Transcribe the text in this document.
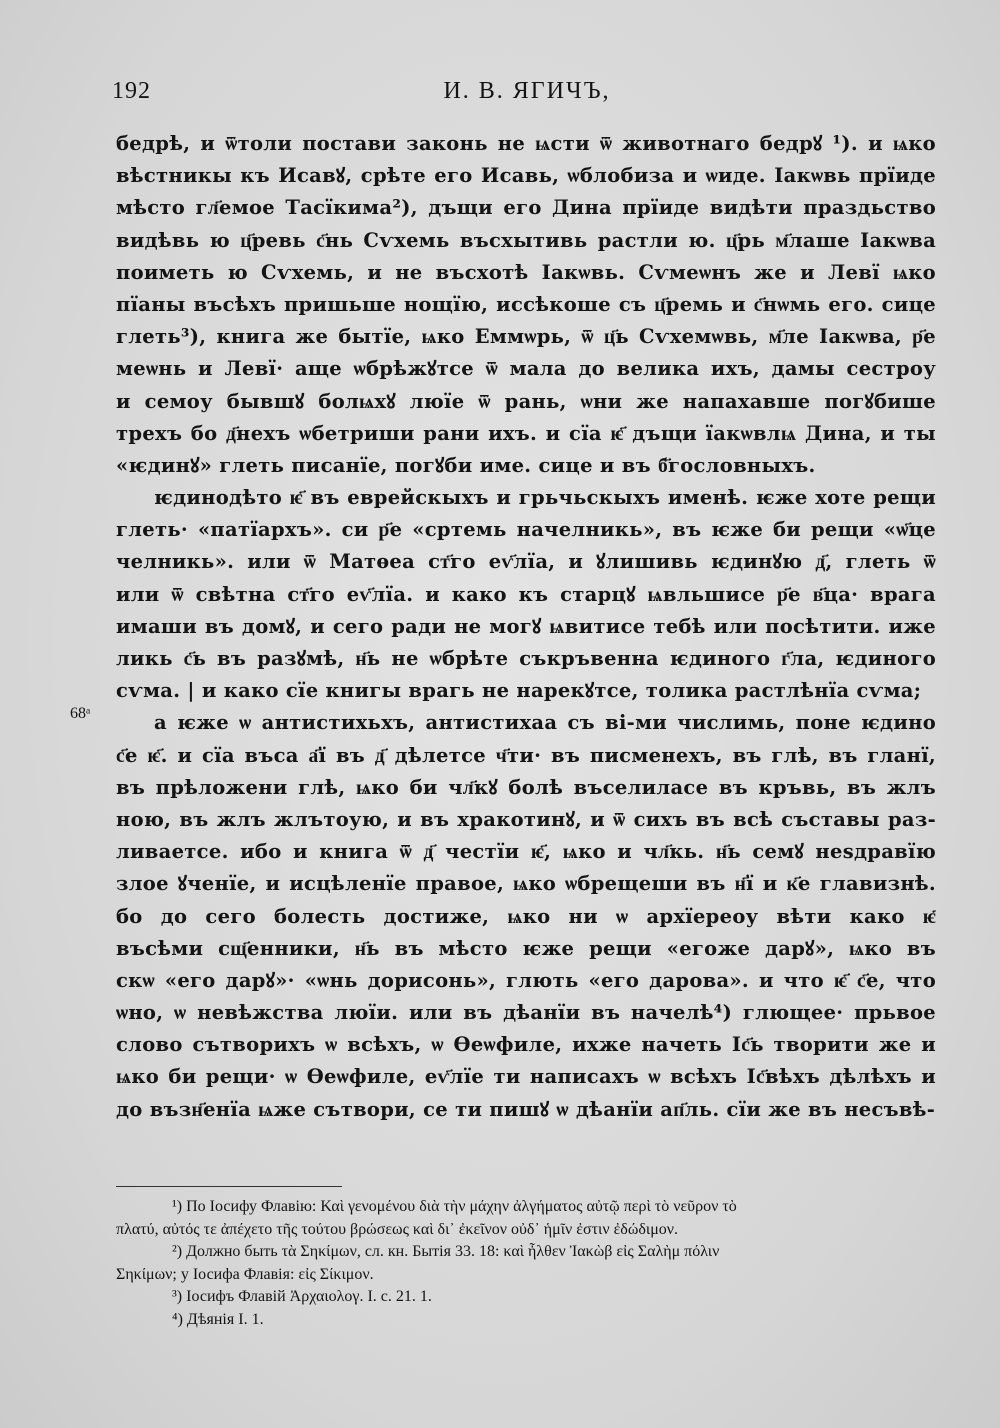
192	И. В. ЯГИЧЪ,
68ᵃ
бедрѣ, и ѿтоли постави законь не ѩсти ѿ животнаго бедрꙋ ¹). и ѩко
вѣстникы къ Исавꙋ, срѣте его Исавь, ѡблобиза и ѡиде. Іакѡвь прїиде
мѣсто гл҃емое Тасїкима²), дъщи его Дина прїиде видѣти праздьство
видѣвь ю ц҃ревь с҃нь Сѵхемь въсхытивь растли ю. ц҃рь м҃лаше Іакѡва
поиметь ю Сѵхемь, и не въсхотѣ Іакѡвь. Сѵмеѡнъ же и Левї ѩко
пїаны въсѣхъ пришьше нощїю, иссѣкоше съ ц҃ремь и с҃нѡмь его. сице
глеть³), книга же бытїе, ѩко Еммѡрь, ѿ ц҃ь Сѵхемѡвь, м҃ле Іакѡва, р҃е
меѡнь и Левї· аще ѡбрѣжꙋтсе ѿ мала до велика ихъ, дамы сестроу
и семоу бывшꙋ болѩхꙋ люїе ѿ рань, ѡни же напахавше погꙋбише
трехъ бо д҃нехъ ѡбетриши рани ихъ. и сїа ѥ҃ дъщи їакѡвлѩ Дина, и ты
«ѥдинꙋ» глеть писанїе, погꙋби име. сице и въ б҃гословныхъ.
ѥдинодѣто ѥ҃ въ еврейскыхъ и грьчьскыхъ именѣ. ѥже хоте рещи
глеть· «патїархъ». си р҃е «сртемь начелникь», въ ѥже би рещи «ѡ҃це
челникь». или ѿ Матѳеа ст҃го еѵ҃лїа, и ꙋлишивь ѥдинꙋю д҃, глеть ѿ
или ѿ свѣтна ст҃го еѵ҃лїа. и како къ старцꙋ ѩвльшисе р҃е в҃ца· врага
имаши въ домꙋ, и сего ради не могꙋ ѩвитисе тебѣ или посѣтити. иже
ликь с҃ь въ разꙋмѣ, н҃ь не ѡбрѣте съкръвенна ѥдиного г҃ла, ѥдиного
сѵма. | и како сїе книгы врагь не нарекꙋтсе, толика растлѣнїа сѵма;
а ѥже ѡ антистихьхъ, антистихаа съ ві-ми числимь, поне ѥдино
с҃е ѥ҃. и сїа въса а҃ї въ д҃ дѣлетсе ч҃ти· въ писменехъ, въ глѣ, въ гланї,
въ прѣложени глѣ, ѩко би чл҃кꙋ болѣ въселиласе въ кръвь, въ жлъ
ною, въ жлъ жлътоую, и въ хракотинꙋ, и ѿ сихъ въ всѣ съставы раз-
ливаетсе. ибо и книга ѿ д҃ честїи ѥ҃, ѩко и чл҃кь. н҃ь семꙋ неѕдравїю
злое ꙋченїе, и исцѣленїе правое, ѩко ѡбрещеши въ н҃ї и к҃е главизнѣ.
бо до сего болесть достиже, ѩко ни ѡ архїереоу вѣти како ѥ҃
въсѣми сщ҃енники, н҃ь въ мѣсто ѥже рещи «егоже дарꙋ», ѩко въ
скѡ «его дарꙋ»· «ѡнь дорисонь», глють «его дарова». и что ѥ҃ с҃е, что
ѡно, ѡ невѣжства люїи. или въ дѣанїи въ начелѣ⁴) глющее· прьвое
слово сътворихъ ѡ всѣхъ, ѡ Ѳеѡфиле, ихже начеть Іс҃ь творити же и
ѩко би рещи· ѡ Ѳеѡфиле, еѵ҃лїе ти написахъ ѡ всѣхъ Іс҃вѣхъ дѣлѣхъ и
до възн҃енїа ѩже сътвори, се ти пишꙋ ѡ дѣанїи ап҃ль. сїи же въ несъвѣ-
¹) По Іосифу Флавію: Καὶ γενομένου διὰ τὴν μάχην ἀλγήματος αὐτῷ περὶ τὸ νεῦρον τὸ
πλατύ, αὐτός τε ἀπέχετο τῆς τούτου βρώσεως καὶ δι᾽ ἐκεῖνον οὐδ᾽ ἡμῖν ἐστιν ἐδώδιμον.
²) Должно быть τὰ Σηκίμων, сл. кн. Бытія 33. 18: καὶ ἦλθεν Ἰακὼβ εἰς Σαλὴμ πόλιν
Σηκίμων; у Іосифа Флавія: εἰς Σίκιμον.
³) Іосифъ Флавій Ἀρχαιολογ. I. c. 21. 1.
⁴) Дѣянія I. 1.
